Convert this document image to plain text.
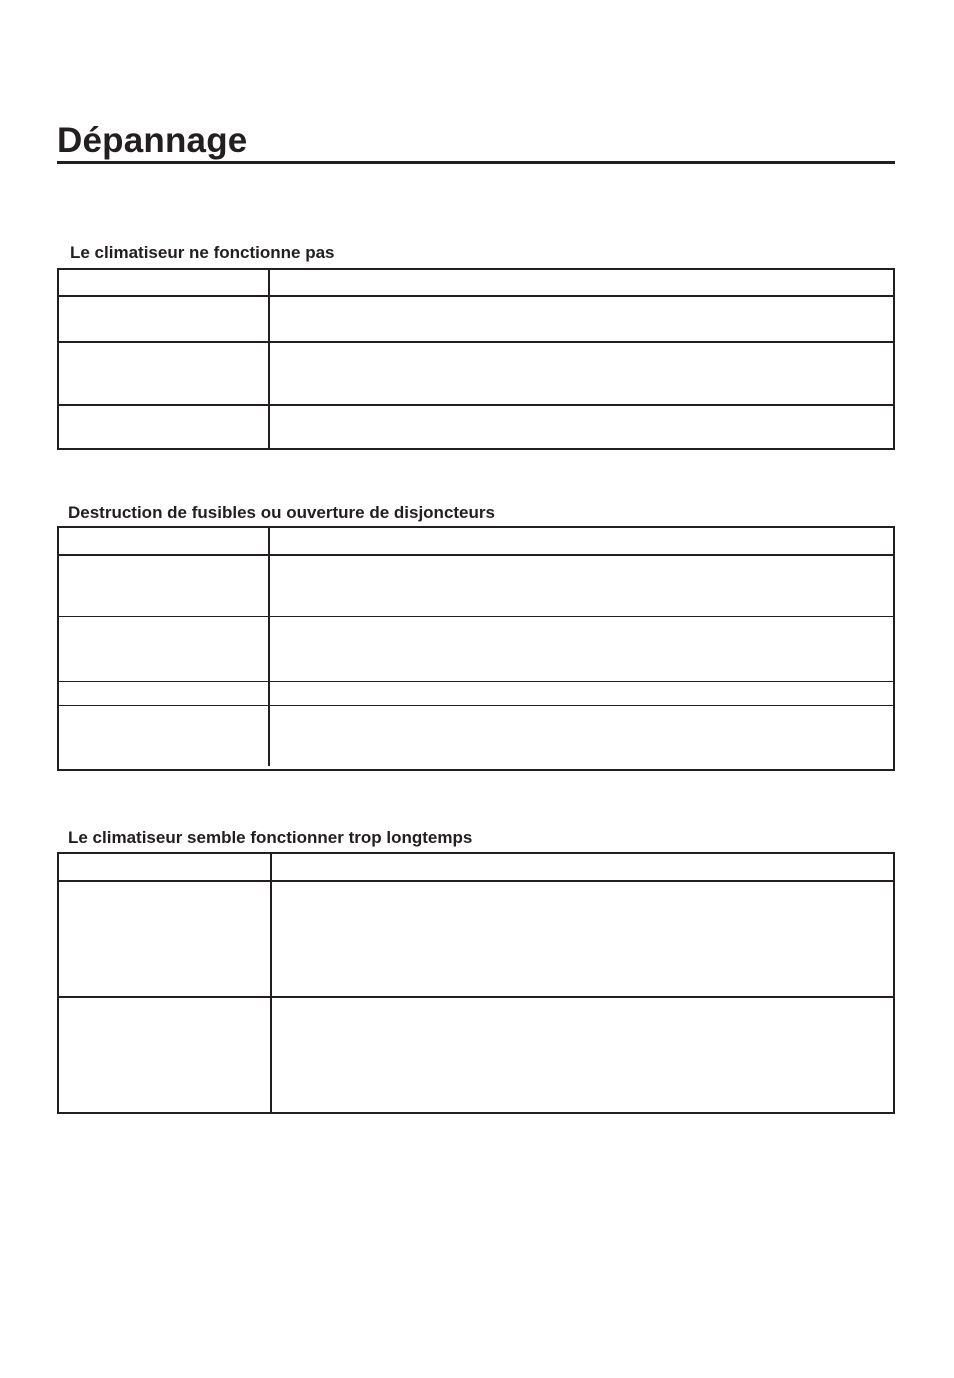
Dépannage
Le climatiseur ne fonctionne pas
Destruction de fusibles ou ouverture de disjoncteurs
Le climatiseur semble fonctionner trop longtemps
